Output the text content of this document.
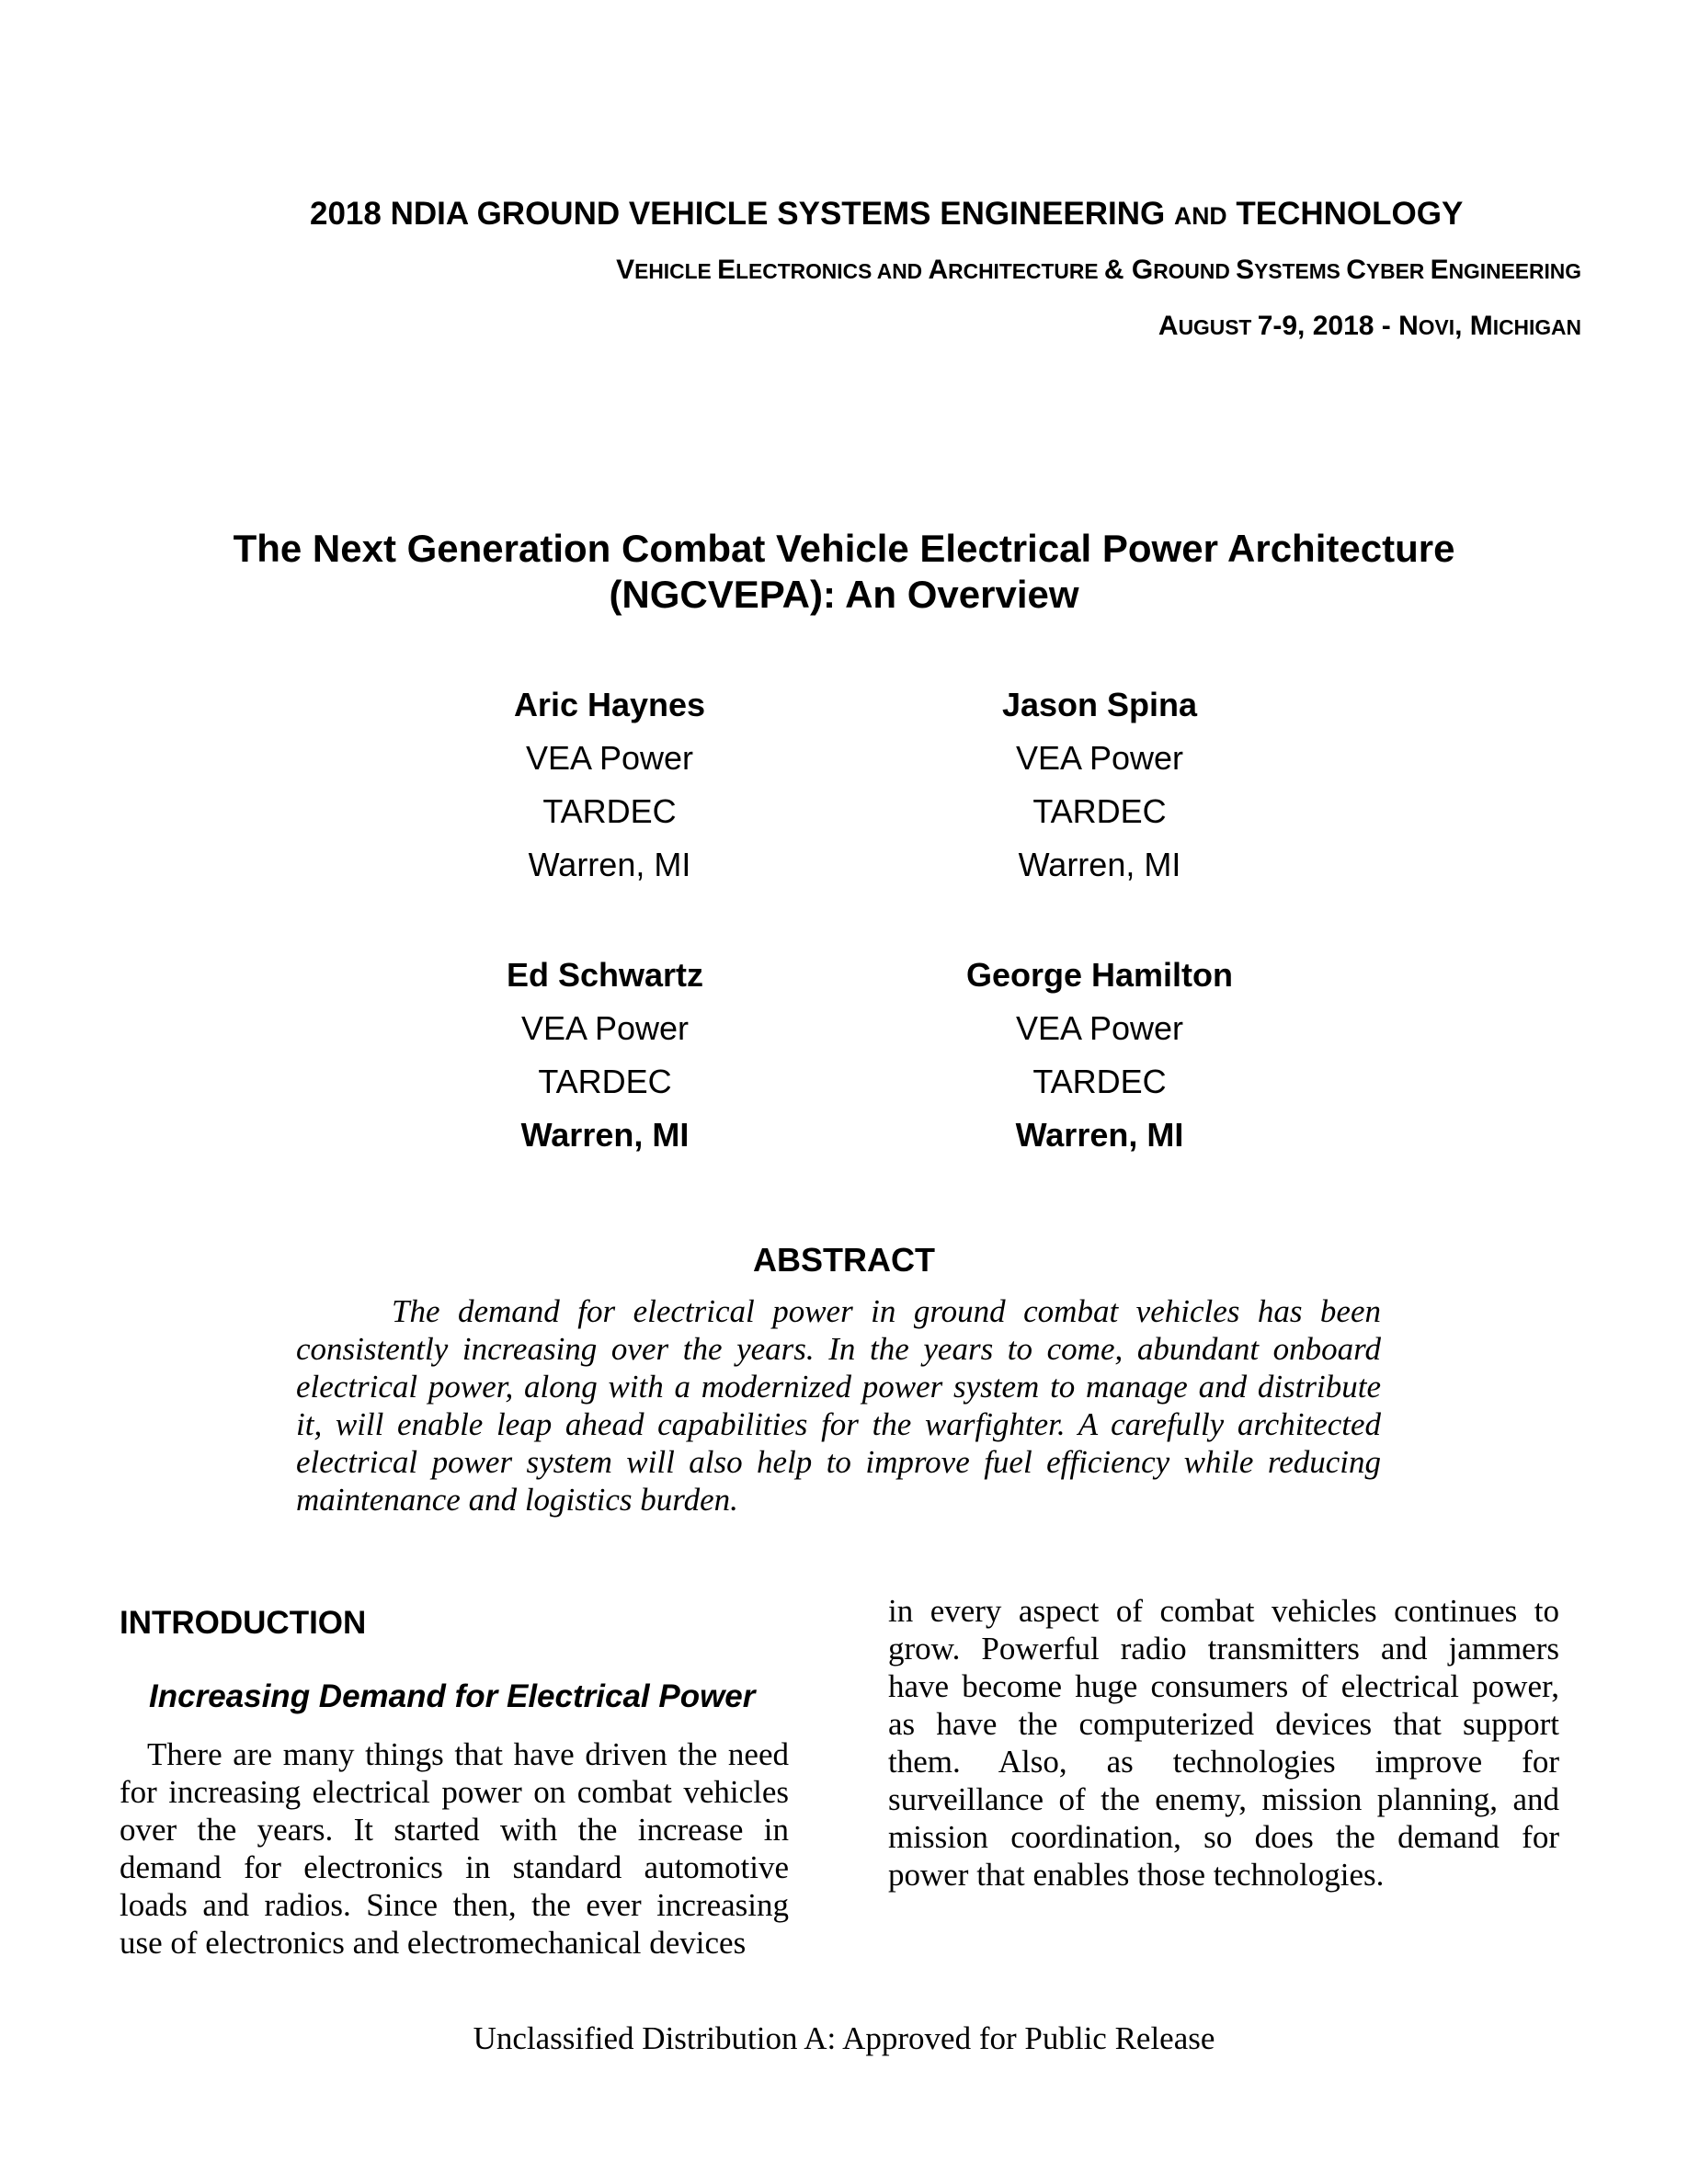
2018 NDIA GROUND VEHICLE SYSTEMS ENGINEERING AND TECHNOLOGY
VEHICLE ELECTRONICS AND ARCHITECTURE & GROUND SYSTEMS CYBER ENGINEERING
AUGUST 7-9, 2018 - NOVI, MICHIGAN
The Next Generation Combat Vehicle Electrical Power Architecture
(NGCVEPA): An Overview
Aric Haynes
VEA Power
TARDEC
Warren, MI
Jason Spina
VEA Power
TARDEC
Warren, MI
Ed Schwartz
VEA Power
TARDEC
Warren, MI
George Hamilton
VEA Power
TARDEC
Warren, MI
ABSTRACT
The demand for electrical power in ground combat vehicles has been consistently increasing over the years. In the years to come, abundant onboard electrical power, along with a modernized power system to manage and distribute it, will enable leap ahead capabilities for the warfighter. A carefully architected electrical power system will also help to improve fuel efficiency while reducing maintenance and logistics burden.
INTRODUCTION
Increasing Demand for Electrical Power
There are many things that have driven the need for increasing electrical power on combat vehicles over the years. It started with the increase in demand for electronics in standard automotive loads and radios. Since then, the ever increasing use of electronics and electromechanical devices
in every aspect of combat vehicles continues to grow. Powerful radio transmitters and jammers have become huge consumers of electrical power, as have the computerized devices that support them. Also, as technologies improve for surveillance of the enemy, mission planning, and mission coordination, so does the demand for power that enables those technologies.
Unclassified Distribution A: Approved for Public Release
